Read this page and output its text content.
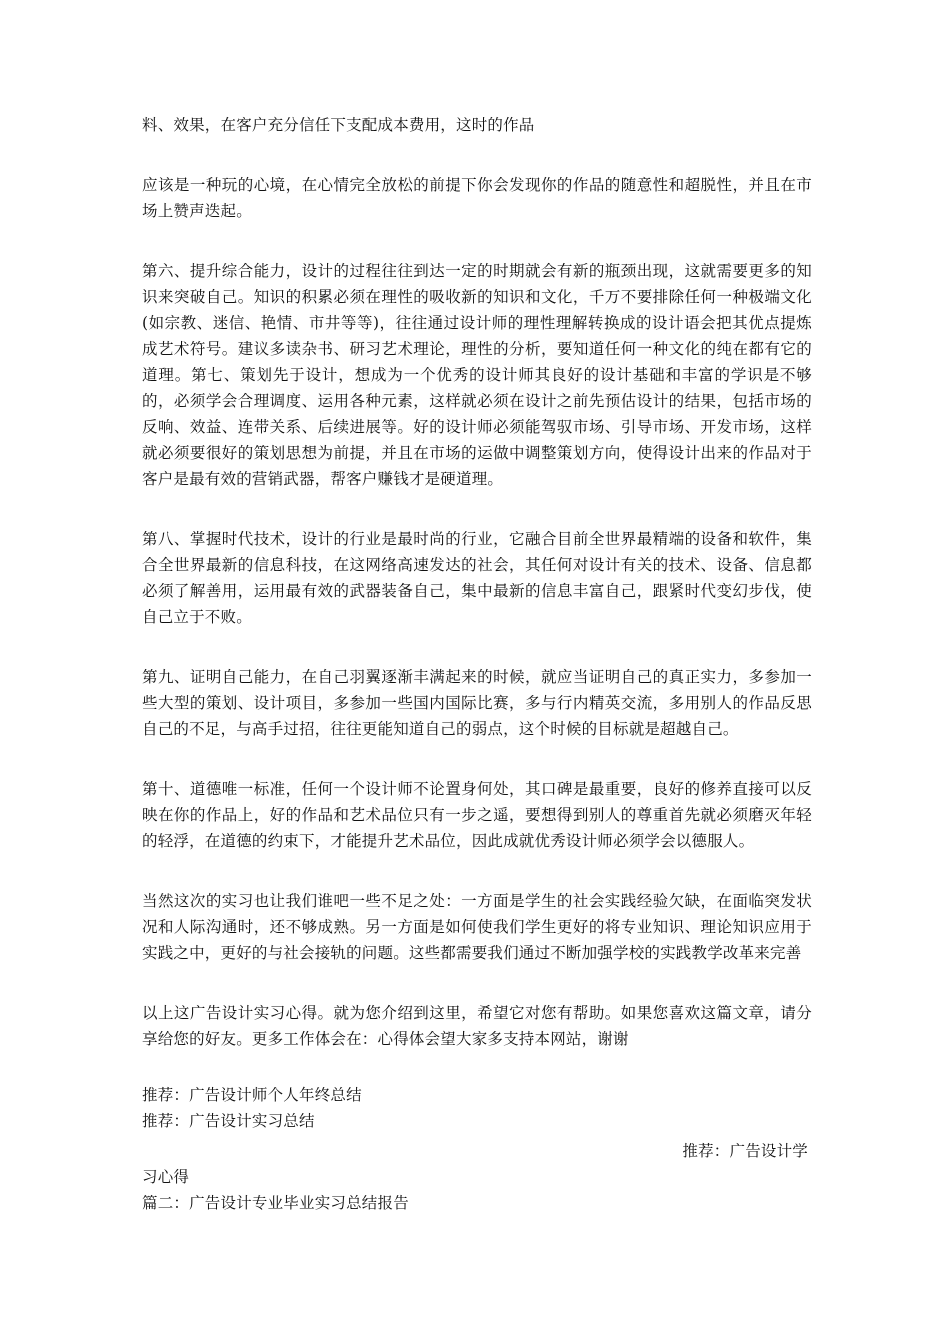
料、效果，在客户充分信任下支配成本费用，这时的作品

应该是一种玩的心境，在心情完全放松的前提下你会发现你的作品的随意性和超脱性，并且在市场上赞声迭起。

第六、提升综合能力，设计的过程往往到达一定的时期就会有新的瓶颈出现，这就需要更多的知识来突破自己。知识的积累必须在理性的吸收新的知识和文化，千万不要排除任何一种极端文化(如宗教、迷信、艳情、市井等等)，往往通过设计师的理性理解转换成的设计语会把其优点提炼成艺术符号。建议多读杂书、研习艺术理论，理性的分析，要知道任何一种文化的纯在都有它的道理。第七、策划先于设计，想成为一个优秀的设计师其良好的设计基础和丰富的学识是不够的，必须学会合理调度、运用各种元素，这样就必须在设计之前先预估设计的结果，包括市场的反响、效益、连带关系、后续进展等。好的设计师必须能驾驭市场、引导市场、开发市场，这样就必须要很好的策划思想为前提，并且在市场的运做中调整策划方向，使得设计出来的作品对于客户是最有效的营销武器，帮客户赚钱才是硬道理。

第八、掌握时代技术，设计的行业是最时尚的行业，它融合目前全世界最精端的设备和软件，集合全世界最新的信息科技，在这网络高速发达的社会，其任何对设计有关的技术、设备、信息都必须了解善用，运用最有效的武器装备自己，集中最新的信息丰富自己，跟紧时代变幻步伐，使自己立于不败。

第九、证明自己能力，在自己羽翼逐渐丰满起来的时候，就应当证明自己的真正实力，多参加一些大型的策划、设计项目，多参加一些国内国际比赛，多与行内精英交流，多用别人的作品反思自己的不足，与高手过招，往往更能知道自己的弱点，这个时候的目标就是超越自己。

第十、道德唯一标准，任何一个设计师不论置身何处，其口碑是最重要，良好的修养直接可以反映在你的作品上，好的作品和艺术品位只有一步之遥，要想得到别人的尊重首先就必须磨灭年轻的轻浮，在道德的约束下，才能提升艺术品位，因此成就优秀设计师必须学会以德服人。

当然这次的实习也让我们谁吧一些不足之处：一方面是学生的社会实践经验欠缺，在面临突发状况和人际沟通时，还不够成熟。另一方面是如何使我们学生更好的将专业知识、理论知识应用于实践之中，更好的与社会接轨的问题。这些都需要我们通过不断加强学校的实践教学改革来完善

以上这广告设计实习心得。就为您介绍到这里，希望它对您有帮助。如果您喜欢这篇文章，请分享给您的好友。更多工作体会在：心得体会望大家多支持本网站，谢谢

推荐：广告设计师个人年终总结

推荐：广告设计实习总结

推荐：广告设计学

习心得

篇二：广告设计专业毕业实习总结报告
